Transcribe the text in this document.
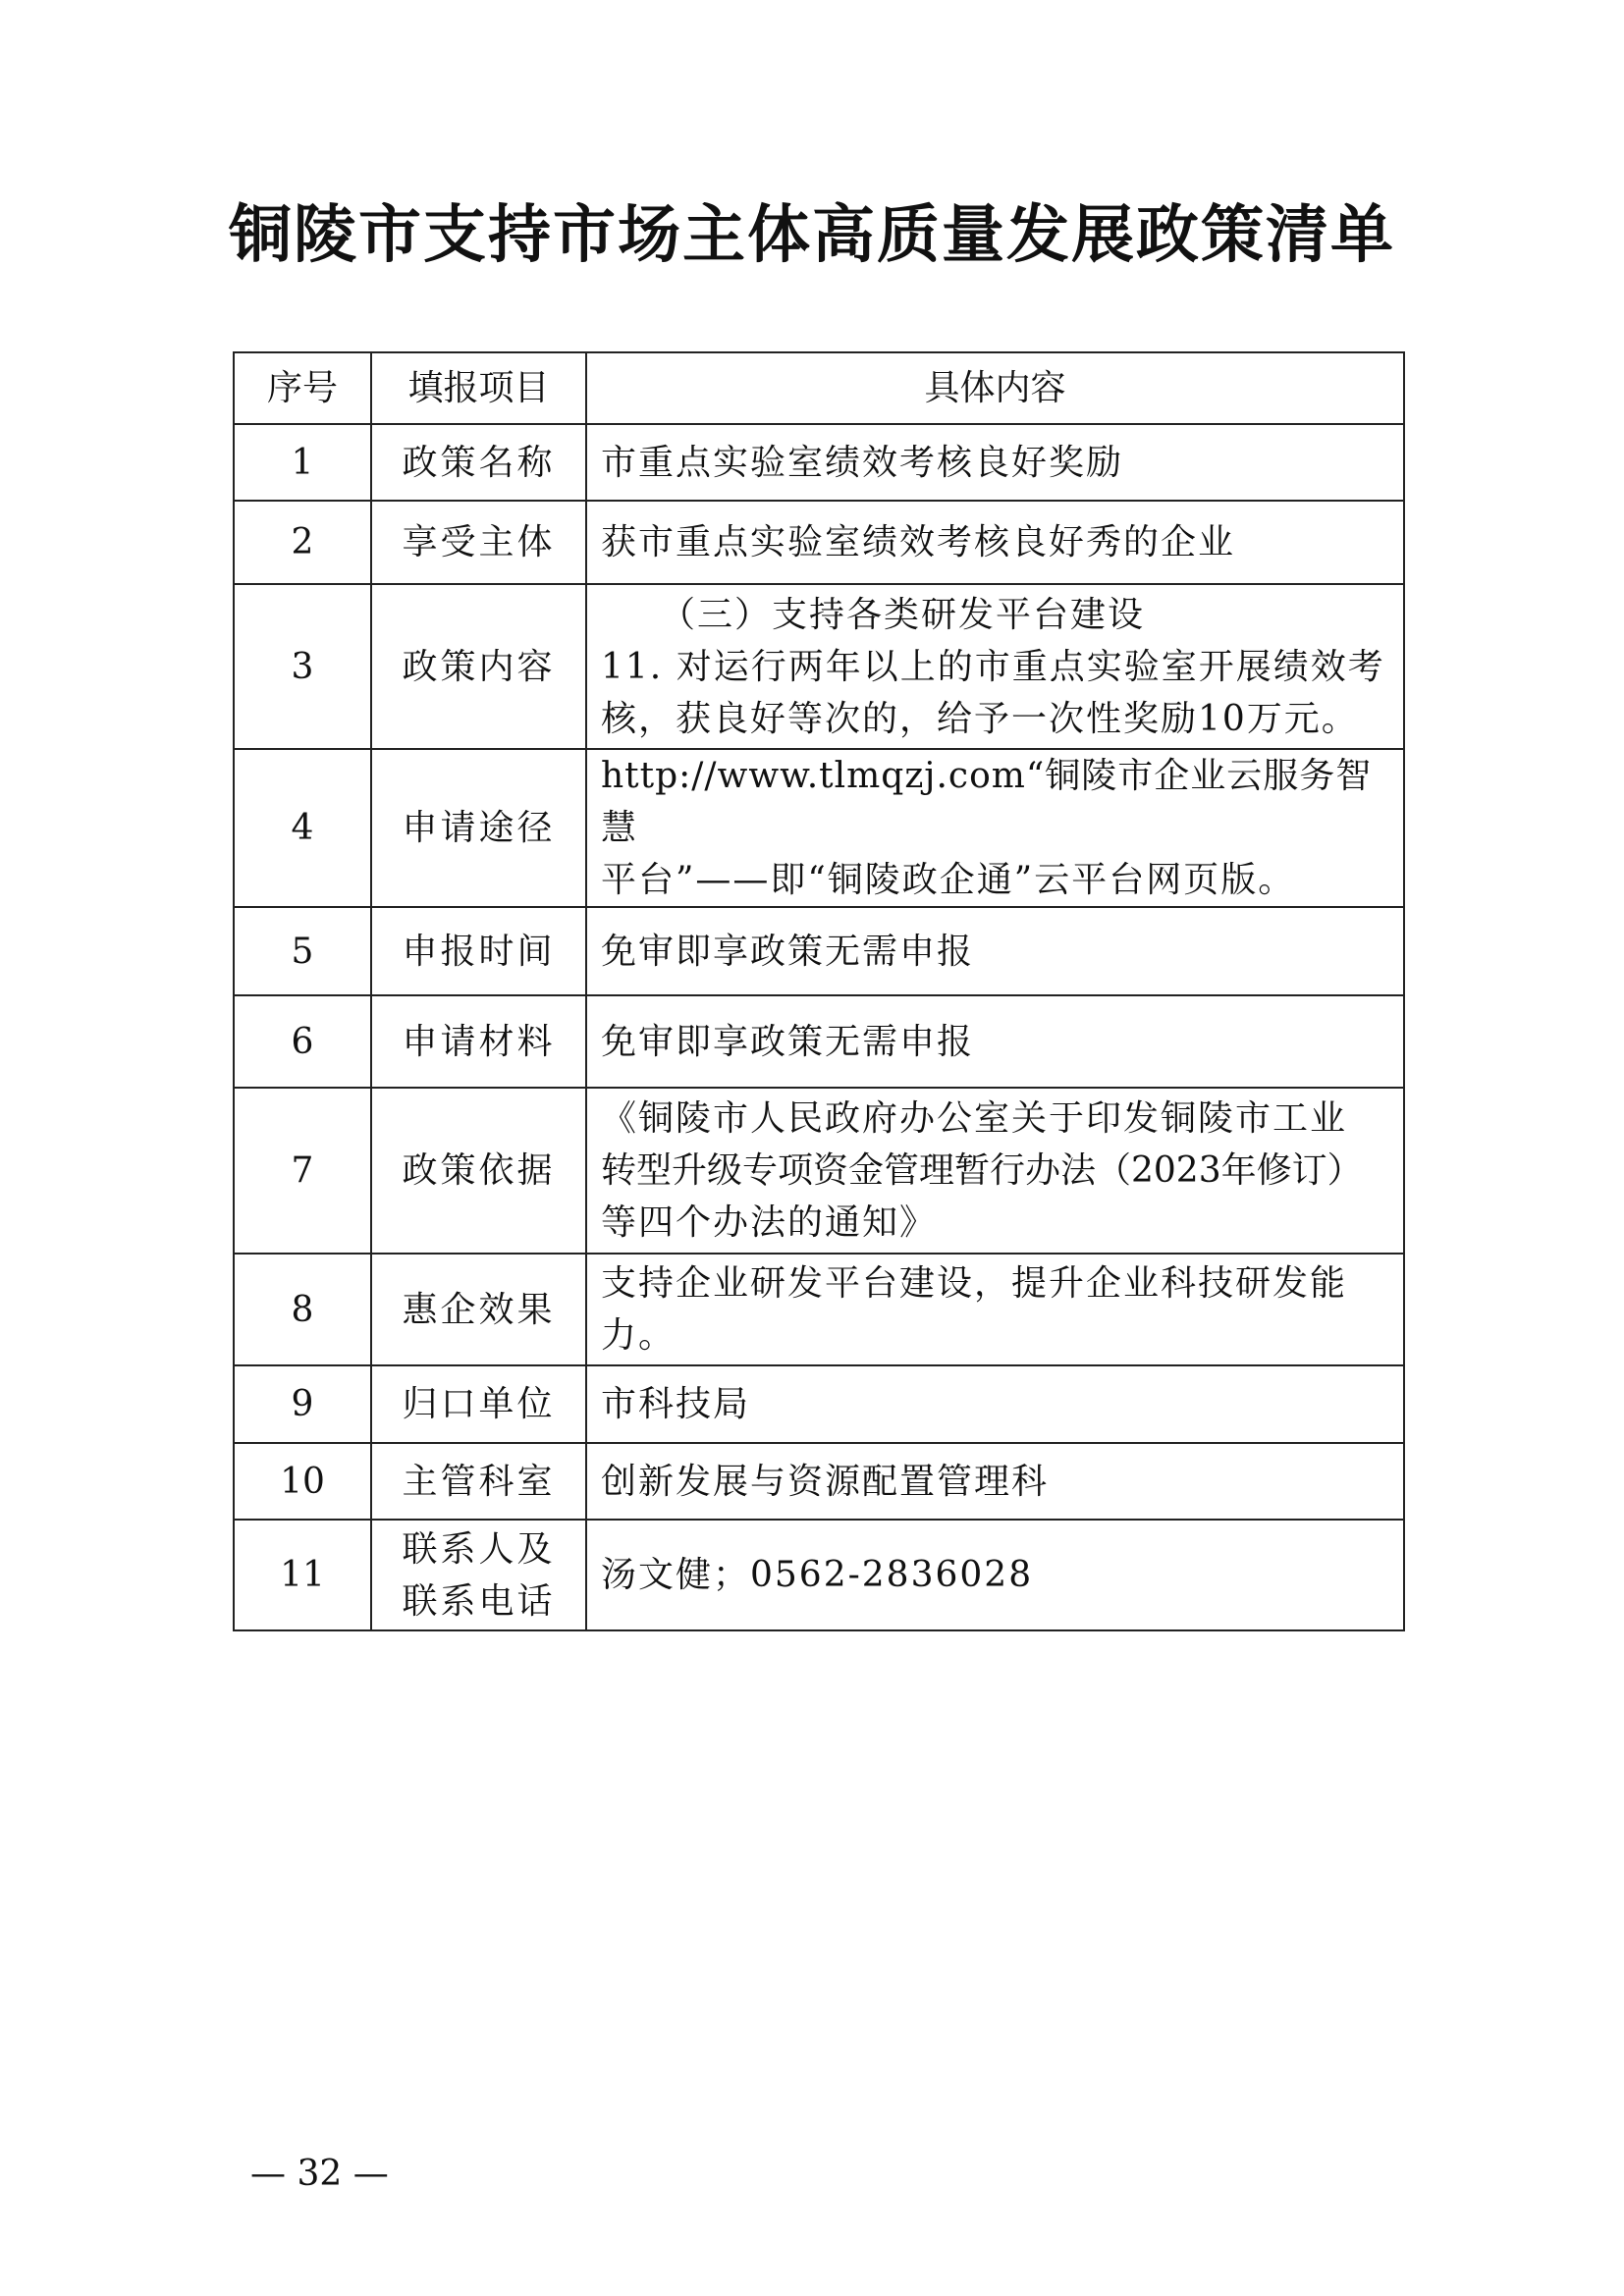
铜陵市支持市场主体高质量发展政策清单
序号	填报项目	具体内容
1	政策名称	市重点实验室绩效考核良好奖励

2	享受主体	获市重点实验室绩效考核良好秀的企业

3	政策内容	（三）支持各类研发平台建设
11. 对运行两年以上的市重点实验室开展绩效考
核，获良好等次的，给予一次性奖励10万元。

4	申请途径	http://www.tlmqzj.com“铜陵市企业云服务智慧
平台”——即“铜陵政企通”云平台网页版。

5	申报时间	免审即享政策无需申报

6	申请材料	免审即享政策无需申报

7	政策依据	《铜陵市人民政府办公室关于印发铜陵市工业
转型升级专项资金管理暂行办法（2023年修订）
等四个办法的通知》

8	惠企效果	支持企业研发平台建设，提升企业科技研发能
力。

9	归口单位	市科技局

10	主管科室	创新发展与资源配置管理科

11	联系人及
联系电话	汤文健；0562-2836028
— 32 —
